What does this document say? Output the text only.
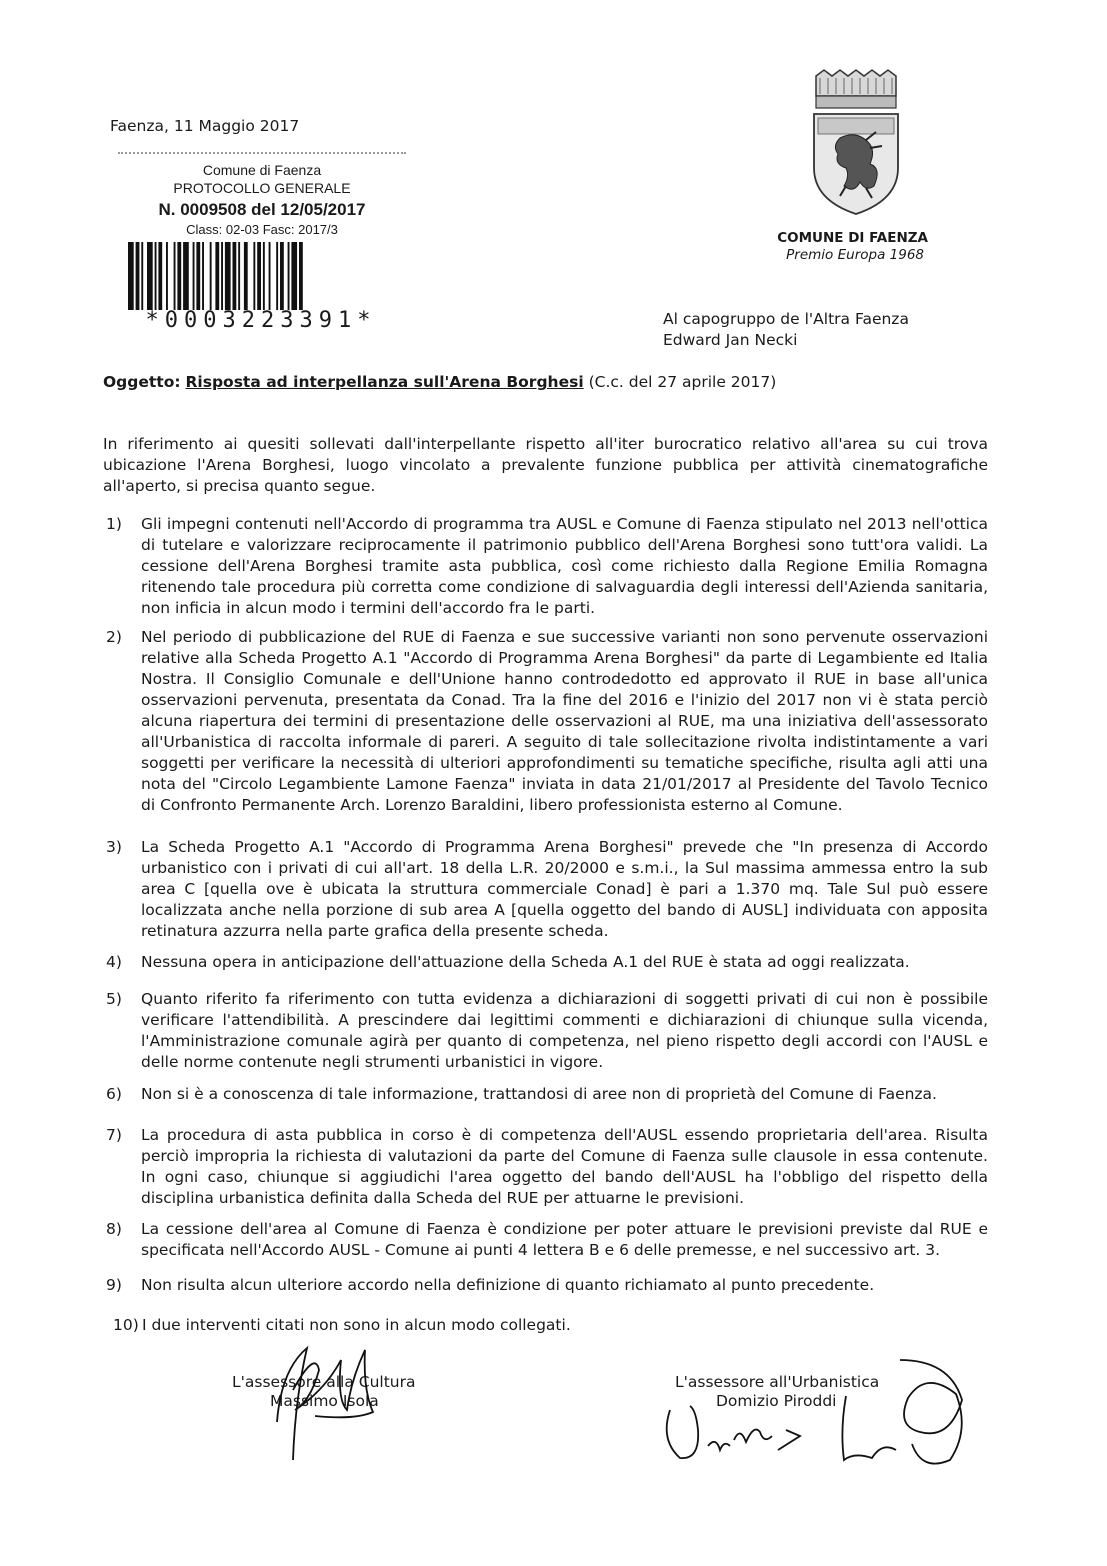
Faenza, 11 Maggio 2017
Comune di Faenza
PROTOCOLLO GENERALE
N. 0009508 del 12/05/2017
Class: 02-03 Fasc: 2017/3
*0003223391*
COMUNE DI FAENZA
Premio Europa 1968
Al capogruppo de l'Altra Faenza
Edward Jan Necki
Oggetto: Risposta ad interpellanza sull'Arena Borghesi (C.c. del 27 aprile 2017)
In riferimento ai quesiti sollevati dall'interpellante rispetto all'iter burocratico relativo all'area su cui trova ubicazione l'Arena Borghesi, luogo vincolato a prevalente funzione pubblica per attività cinematografiche all'aperto, si precisa quanto segue.
1) Gli impegni contenuti nell'Accordo di programma tra AUSL e Comune di Faenza stipulato nel 2013 nell'ottica di tutelare e valorizzare reciprocamente il patrimonio pubblico dell'Arena Borghesi sono tutt'ora validi. La cessione dell'Arena Borghesi tramite asta pubblica, così come richiesto dalla Regione Emilia Romagna ritenendo tale procedura più corretta come condizione di salvaguardia degli interessi dell'Azienda sanitaria, non inficia in alcun modo i termini dell'accordo fra le parti.
2) Nel periodo di pubblicazione del RUE di Faenza e sue successive varianti non sono pervenute osservazioni relative alla Scheda Progetto A.1 "Accordo di Programma Arena Borghesi" da parte di Legambiente ed Italia Nostra. Il Consiglio Comunale e dell'Unione hanno controdedotto ed approvato il RUE in base all'unica osservazioni pervenuta, presentata da Conad. Tra la fine del 2016 e l'inizio del 2017 non vi è stata perciò alcuna riapertura dei termini di presentazione delle osservazioni al RUE, ma una iniziativa dell'assessorato all'Urbanistica di raccolta informale di pareri. A seguito di tale sollecitazione rivolta indistintamente a vari soggetti per verificare la necessità di ulteriori approfondimenti su tematiche specifiche, risulta agli atti una nota del "Circolo Legambiente Lamone Faenza" inviata in data 21/01/2017 al Presidente del Tavolo Tecnico di Confronto Permanente Arch. Lorenzo Baraldini, libero professionista esterno al Comune.
3) La Scheda Progetto A.1 "Accordo di Programma Arena Borghesi" prevede che "In presenza di Accordo urbanistico con i privati di cui all'art. 18 della L.R. 20/2000 e s.m.i., la Sul massima ammessa entro la sub area C [quella ove è ubicata la struttura commerciale Conad] è pari a 1.370 mq. Tale Sul può essere localizzata anche nella porzione di sub area A [quella oggetto del bando di AUSL] individuata con apposita retinatura azzurra nella parte grafica della presente scheda.
4) Nessuna opera in anticipazione dell'attuazione della Scheda A.1 del RUE è stata ad oggi realizzata.
5) Quanto riferito fa riferimento con tutta evidenza a dichiarazioni di soggetti privati di cui non è possibile verificare l'attendibilità. A prescindere dai legittimi commenti e dichiarazioni di chiunque sulla vicenda, l'Amministrazione comunale agirà per quanto di competenza, nel pieno rispetto degli accordi con l'AUSL e delle norme contenute negli strumenti urbanistici in vigore.
6) Non si è a conoscenza di tale informazione, trattandosi di aree non di proprietà del Comune di Faenza.
7) La procedura di asta pubblica in corso è di competenza dell'AUSL essendo proprietaria dell'area. Risulta perciò impropria la richiesta di valutazioni da parte del Comune di Faenza sulle clausole in essa contenute. In ogni caso, chiunque si aggiudichi l'area oggetto del bando dell'AUSL ha l'obbligo del rispetto della disciplina urbanistica definita dalla Scheda del RUE per attuarne le previsioni.
8) La cessione dell'area al Comune di Faenza è condizione per poter attuare le previsioni previste dal RUE e specificata nell'Accordo AUSL - Comune ai punti 4 lettera B e 6 delle premesse, e nel successivo art. 3.
9) Non risulta alcun ulteriore accordo nella definizione di quanto richiamato al punto precedente.
10) I due interventi citati non sono in alcun modo collegati.
L'assessore alla Cultura
Massimo Isola
L'assessore all'Urbanistica
Domizio Piroddi
